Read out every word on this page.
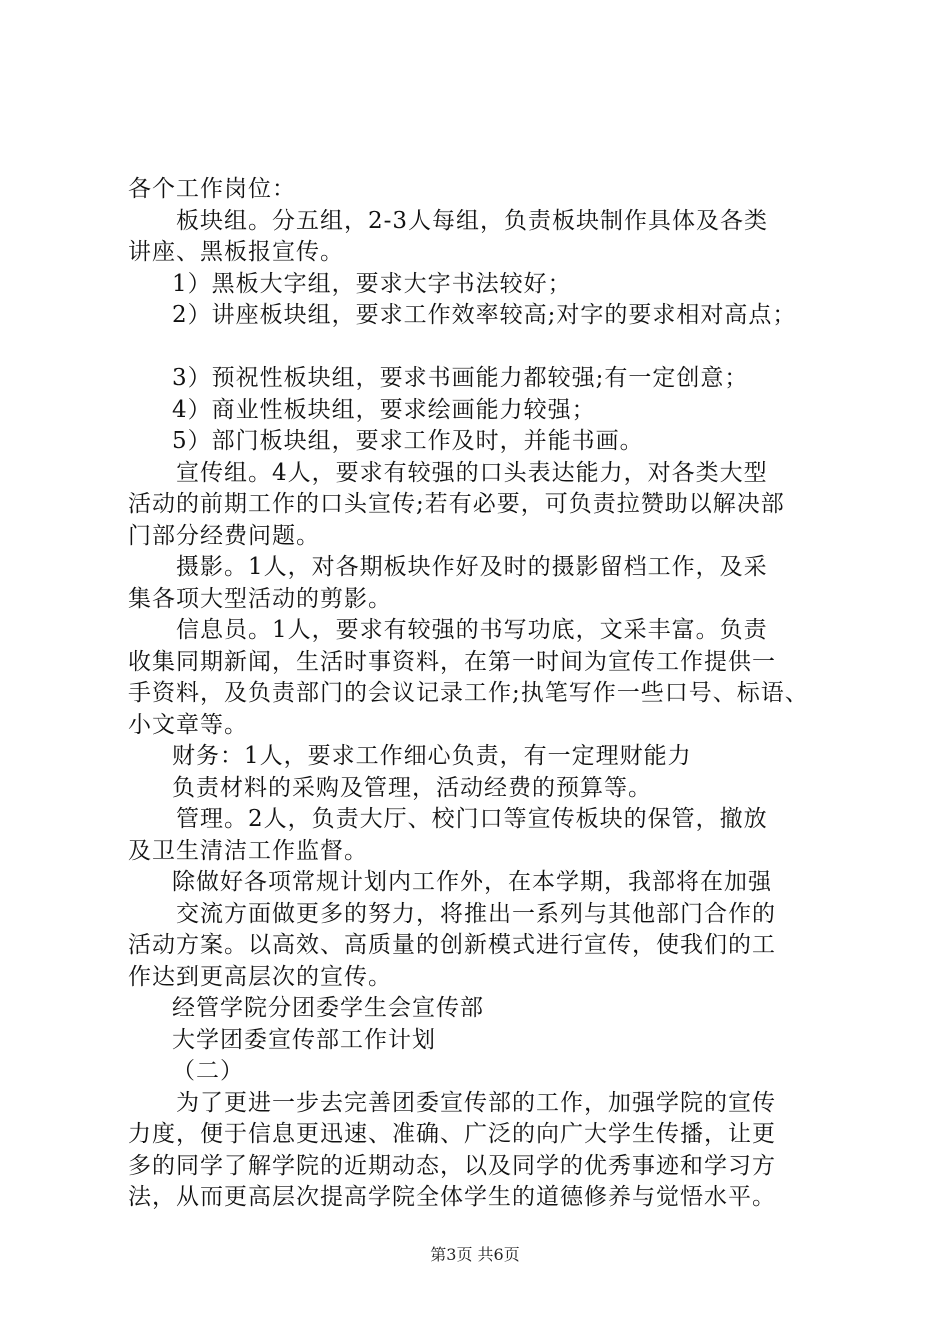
各个工作岗位：
板块组。分五组，2-3人每组，负责板块制作具体及各类
讲座、黑板报宣传。
1）黑板大字组，要求大字书法较好；
2）讲座板块组，要求工作效率较高;对字的要求相对高点；
3）预祝性板块组，要求书画能力都较强;有一定创意；
4）商业性板块组，要求绘画能力较强；
5）部门板块组，要求工作及时，并能书画。
宣传组。4人，要求有较强的口头表达能力，对各类大型
活动的前期工作的口头宣传;若有必要，可负责拉赞助以解决部
门部分经费问题。
摄影。1人，对各期板块作好及时的摄影留档工作，及采
集各项大型活动的剪影。
信息员。1人，要求有较强的书写功底，文采丰富。负责
收集同期新闻，生活时事资料，在第一时间为宣传工作提供一
手资料，及负责部门的会议记录工作;执笔写作一些口号、标语、
小文章等。
财务：1人，要求工作细心负责，有一定理财能力
负责材料的采购及管理，活动经费的预算等。
管理。2人，负责大厅、校门口等宣传板块的保管，撤放
及卫生清洁工作监督。
除做好各项常规计划内工作外，在本学期，我部将在加强
交流方面做更多的努力，将推出一系列与其他部门合作的
活动方案。以高效、高质量的创新模式进行宣传，使我们的工
作达到更高层次的宣传。
经管学院分团委学生会宣传部
大学团委宣传部工作计划
（二）
为了更进一步去完善团委宣传部的工作，加强学院的宣传
力度，便于信息更迅速、准确、广泛的向广大学生传播，让更
多的同学了解学院的近期动态，以及同学的优秀事迹和学习方
法，从而更高层次提高学院全体学生的道德修养与觉悟水平。
第3页 共6页
